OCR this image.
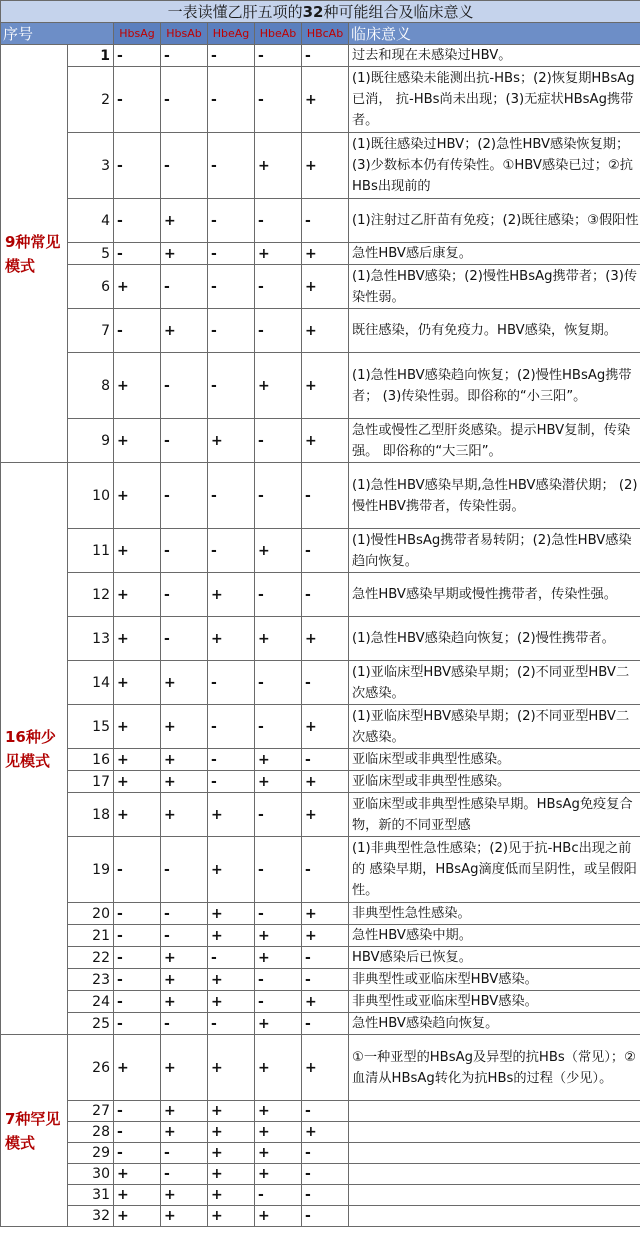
一表读懂乙肝五项的32种可能组合及临床意义							
序号		HbsAg	HbsAb	HbeAg	HbeAb	HBcAb	临床意义
9种常见模式	1	-	-	-	-	-	过去和现在未感染过HBV。
	2	-	-	-	-	+	(1)既往感染未能测出抗-HBs；(2)恢复期HBsAg已消， 抗-HBs尚未出现；(3)无症状HBsAg携带者。
	3	-	-	-	+	+	(1)既往感染过HBV；(2)急性HBV感染恢复期； (3)少数标本仍有传染性。①HBV感染已过；②抗HBs出现前的
	4	-	+	-	-	-	(1)注射过乙肝苗有免疫；(2)既往感染；③假阳性
	5	-	+	-	+	+	急性HBV感后康复。
	6	+	-	-	-	+	(1)急性HBV感染；(2)慢性HBsAg携带者；(3)传染性弱。
	7	-	+	-	-	+	既往感染，仍有免疫力。HBV感染，恢复期。
	8	+	-	-	+	+	(1)急性HBV感染趋向恢复；(2)慢性HBsAg携带者； (3)传染性弱。即俗称的“小三阳”。
	9	+	-	+	-	+	急性或慢性乙型肝炎感染。提示HBV复制，传染强。 即俗称的“大三阳”。
16种少见模式	10	+	-	-	-	-	(1)急性HBV感染早期,急性HBV感染潜伏期； (2)慢性HBV携带者，传染性弱。
	11	+	-	-	+	-	(1)慢性HBsAg携带者易转阴；(2)急性HBV感染趋向恢复。
	12	+	-	+	-	-	急性HBV感染早期或慢性携带者，传染性强。
	13	+	-	+	+	+	(1)急性HBV感染趋向恢复；(2)慢性携带者。
	14	+	+	-	-	-	(1)亚临床型HBV感染早期；(2)不同亚型HBV二次感染。
	15	+	+	-	-	+	(1)亚临床型HBV感染早期；(2)不同亚型HBV二次感染。
	16	+	+	-	+	-	亚临床型或非典型性感染。
	17	+	+	-	+	+	亚临床型或非典型性感染。
	18	+	+	+	-	+	亚临床型或非典型性感染早期。HBsAg免疫复合物，新的不同亚型感
	19	-	-	+	-	-	(1)非典型性急性感染；(2)见于抗-HBc出现之前的 感染早期，HBsAg滴度低而呈阴性，或呈假阳性。
	20	-	-	+	-	+	非典型性急性感染。
	21	-	-	+	+	+	急性HBV感染中期。
	22	-	+	-	+	-	HBV感染后已恢复。
	23	-	+	+	-	-	非典型性或亚临床型HBV感染。
	24	-	+	+	-	+	非典型性或亚临床型HBV感染。
	25	-	-	-	+	-	急性HBV感染趋向恢复。
7种罕见模式	26	+	+	+	+	+	①一种亚型的HBsAg及异型的抗HBs（常见）；②血清从HBsAg转化为抗HBs的过程（少见）。
	27	-	+	+	+	-	
	28	-	+	+	+	+	
	29	-	-	+	+	-	
	30	+	-	+	+	-	
	31	+	+	+	-	-	
	32	+	+	+	+	-	
